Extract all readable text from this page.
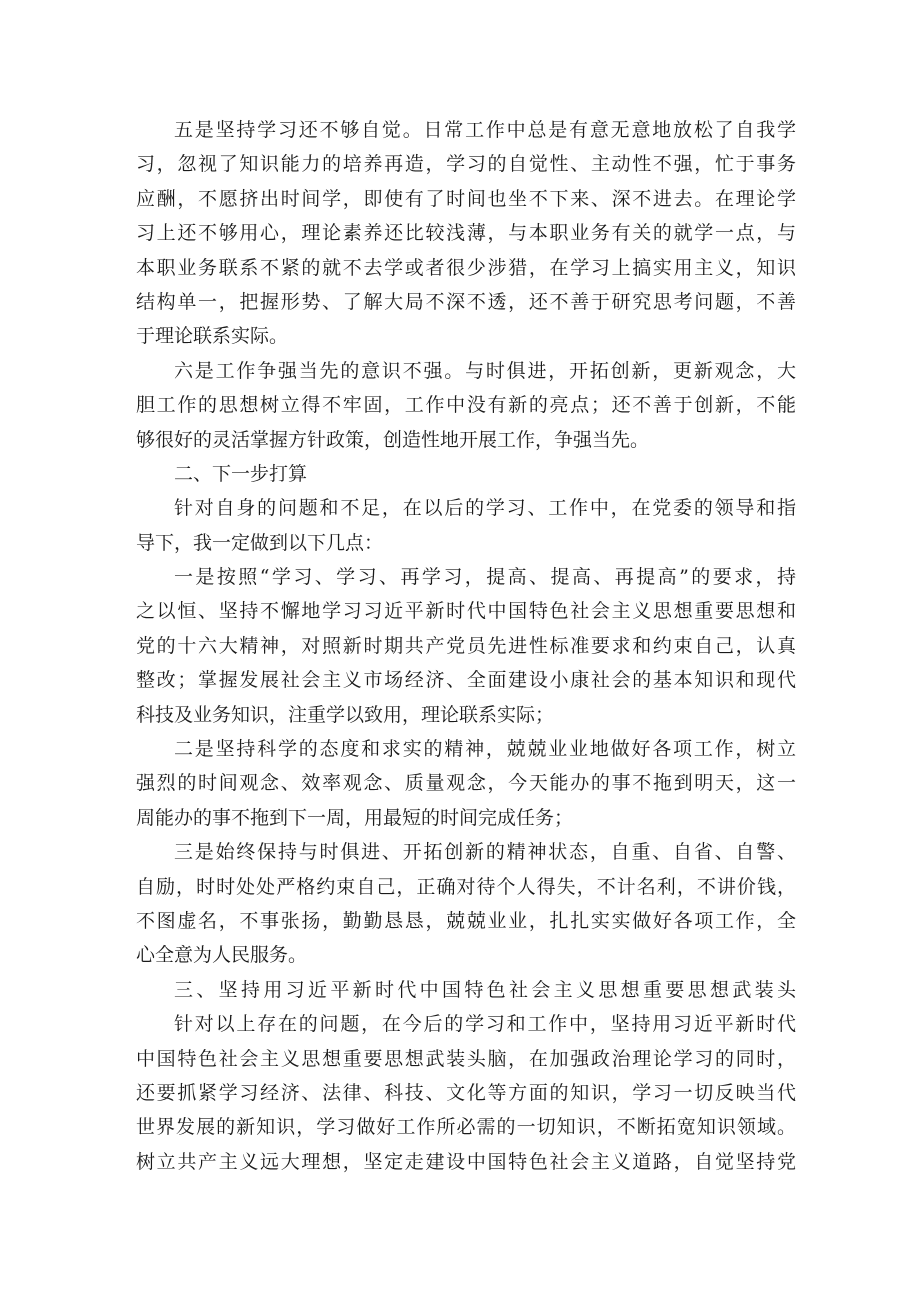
五是坚持学习还不够自觉。日常工作中总是有意无意地放松了自我学
习，忽视了知识能力的培养再造，学习的自觉性、主动性不强，忙于事务
应酬，不愿挤出时间学，即使有了时间也坐不下来、深不进去。在理论学
习上还不够用心，理论素养还比较浅薄，与本职业务有关的就学一点，与
本职业务联系不紧的就不去学或者很少涉猎，在学习上搞实用主义，知识
结构单一，把握形势、了解大局不深不透，还不善于研究思考问题，不善
于理论联系实际。
六是工作争强当先的意识不强。与时俱进，开拓创新，更新观念，大
胆工作的思想树立得不牢固，工作中没有新的亮点；还不善于创新，不能
够很好的灵活掌握方针政策，创造性地开展工作，争强当先。
二、下一步打算
针对自身的问题和不足，在以后的学习、工作中，在党委的领导和指
导下，我一定做到以下几点：
一是按照“学习、学习、再学习，提高、提高、再提高”的要求，持
之以恒、坚持不懈地学习习近平新时代中国特色社会主义思想重要思想和
党的十六大精神，对照新时期共产党员先进性标准要求和约束自己，认真
整改；掌握发展社会主义市场经济、全面建设小康社会的基本知识和现代
科技及业务知识，注重学以致用，理论联系实际；
二是坚持科学的态度和求实的精神，兢兢业业地做好各项工作，树立
强烈的时间观念、效率观念、质量观念，今天能办的事不拖到明天，这一
周能办的事不拖到下一周，用最短的时间完成任务；
三是始终保持与时俱进、开拓创新的精神状态，自重、自省、自警、
自励，时时处处严格约束自己，正确对待个人得失，不计名利，不讲价钱，
不图虚名，不事张扬，勤勤恳恳，兢兢业业，扎扎实实做好各项工作，全
心全意为人民服务。
三、坚持用习近平新时代中国特色社会主义思想重要思想武装头
针对以上存在的问题，在今后的学习和工作中，坚持用习近平新时代
中国特色社会主义思想重要思想武装头脑，在加强政治理论学习的同时，
还要抓紧学习经济、法律、科技、文化等方面的知识，学习一切反映当代
世界发展的新知识，学习做好工作所必需的一切知识，不断拓宽知识领域。
树立共产主义远大理想，坚定走建设中国特色社会主义道路，自觉坚持党
